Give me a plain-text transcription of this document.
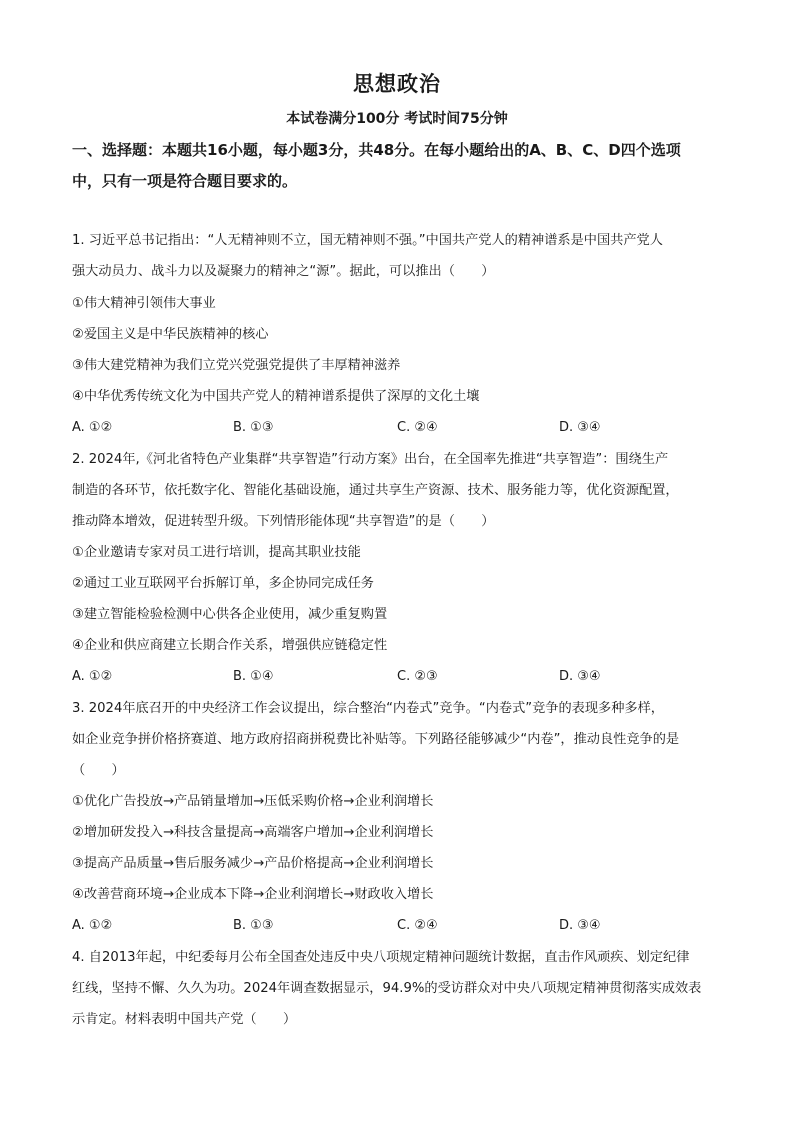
思想政治
本试卷满分100分 考试时间75分钟
一、选择题：本题共16小题，每小题3分，共48分。在每小题给出的A、B、C、D四个选项
中，只有一项是符合题目要求的。
1. 习近平总书记指出：“人无精神则不立，国无精神则不强。”中国共产党人的精神谱系是中国共产党人
强大动员力、战斗力以及凝聚力的精神之“源”。据此，可以推出（　　）
①伟大精神引领伟大事业
②爱国主义是中华民族精神的核心
③伟大建党精神为我们立党兴党强党提供了丰厚精神滋养
④中华优秀传统文化为中国共产党人的精神谱系提供了深厚的文化土壤
A. ①②	B. ①③	C. ②④	D. ③④
2. 2024年,《河北省特色产业集群“共享智造”行动方案》出台，在全国率先推进“共享智造”：围绕生产
制造的各环节，依托数字化、智能化基础设施，通过共享生产资源、技术、服务能力等，优化资源配置，
推动降本增效，促进转型升级。下列情形能体现“共享智造”的是（　　）
①企业邀请专家对员工进行培训，提高其职业技能
②通过工业互联网平台拆解订单，多企协同完成任务
③建立智能检验检测中心供各企业使用，减少重复购置
④企业和供应商建立长期合作关系，增强供应链稳定性
A. ①②	B. ①④	C. ②③	D. ③④
3. 2024年底召开的中央经济工作会议提出，综合整治“内卷式”竞争。“内卷式”竞争的表现多种多样，
如企业竞争拼价格挤赛道、地方政府招商拼税费比补贴等。下列路径能够减少“内卷”，推动良性竞争的是
（　　）
①优化广告投放→产品销量增加→压低采购价格→企业利润增长
②增加研发投入→科技含量提高→高端客户增加→企业利润增长
③提高产品质量→售后服务减少→产品价格提高→企业利润增长
④改善营商环境→企业成本下降→企业利润增长→财政收入增长
A. ①②	B. ①③	C. ②④	D. ③④
4. 自2013年起，中纪委每月公布全国查处违反中央八项规定精神问题统计数据，直击作风顽疾、划定纪律
红线，坚持不懈、久久为功。2024年调查数据显示，94.9%的受访群众对中央八项规定精神贯彻落实成效表
示肯定。材料表明中国共产党（　　）
